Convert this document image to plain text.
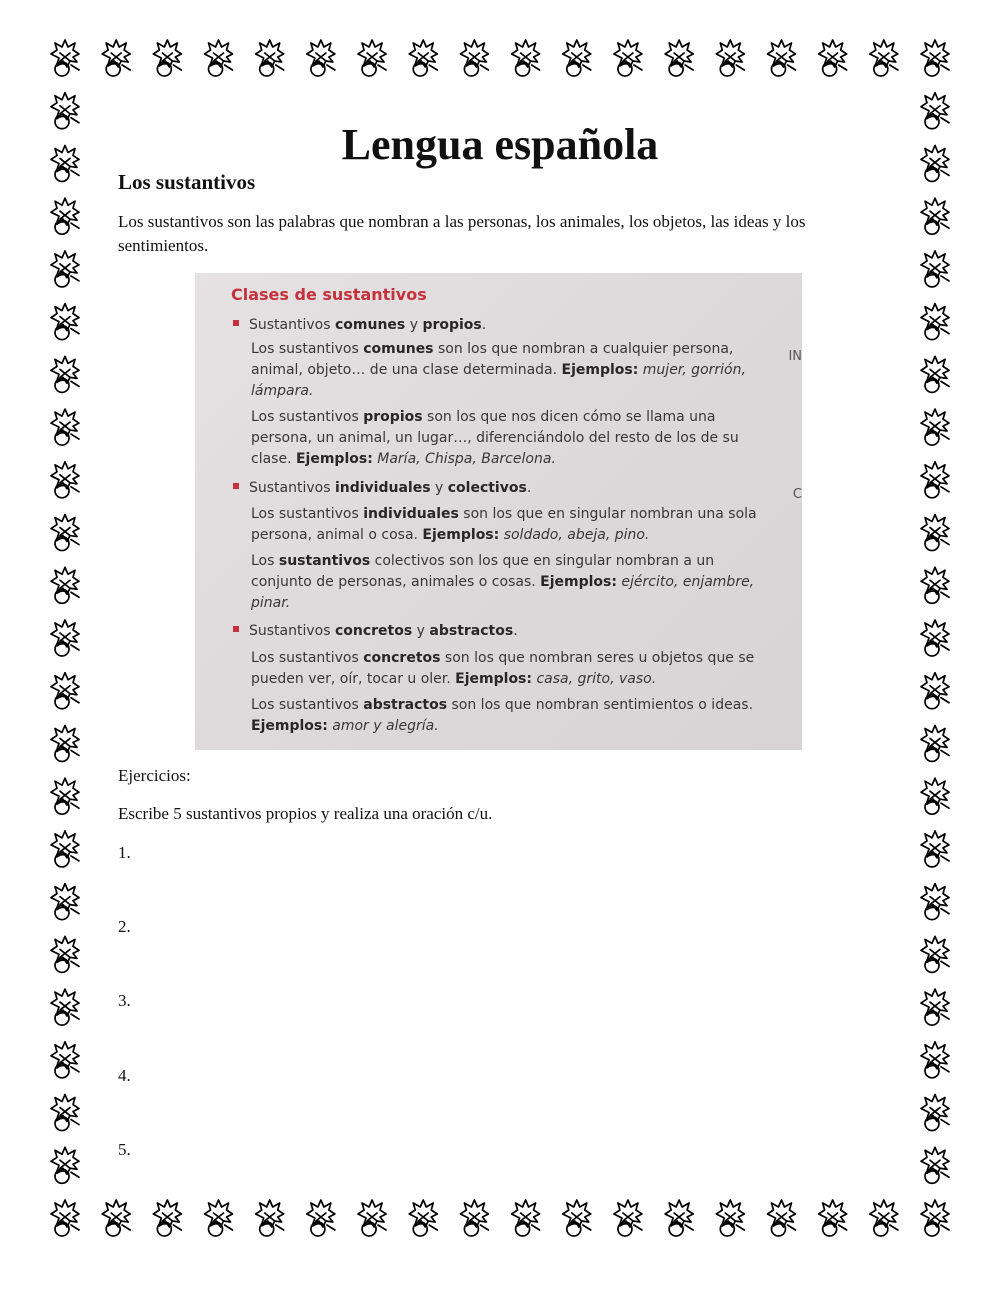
Lengua española
Los sustantivos

Los sustantivos son las palabras que nombran a las personas, los animales, los objetos, las ideas y los sentimientos.

Clases de sustantivos

Sustantivos comunes y propios.

Los sustantivos comunes son los que nombran a cualquier persona, animal, objeto… de una clase determinada. Ejemplos: mujer, gorrión, lámpara.

Los sustantivos propios son los que nos dicen cómo se llama una persona, un animal, un lugar…, diferenciándolo del resto de los de su clase. Ejemplos: María, Chispa, Barcelona.

Sustantivos individuales y colectivos.

Los sustantivos individuales son los que en singular nombran una sola persona, animal o cosa. Ejemplos: soldado, abeja, pino.

Los sustantivos colectivos son los que en singular nombran a un conjunto de personas, animales o cosas. Ejemplos: ejército, enjambre, pinar.

Sustantivos concretos y abstractos.

Los sustantivos concretos son los que nombran seres u objetos que se pueden ver, oír, tocar u oler. Ejemplos: casa, grito, vaso.

Los sustantivos abstractos son los que nombran sentimientos o ideas. Ejemplos: amor y alegría.

IN
C

Ejercicios:

Escribe 5 sustantivos propios y realiza una oración c/u.

1.

2.

3.

4.

5.
